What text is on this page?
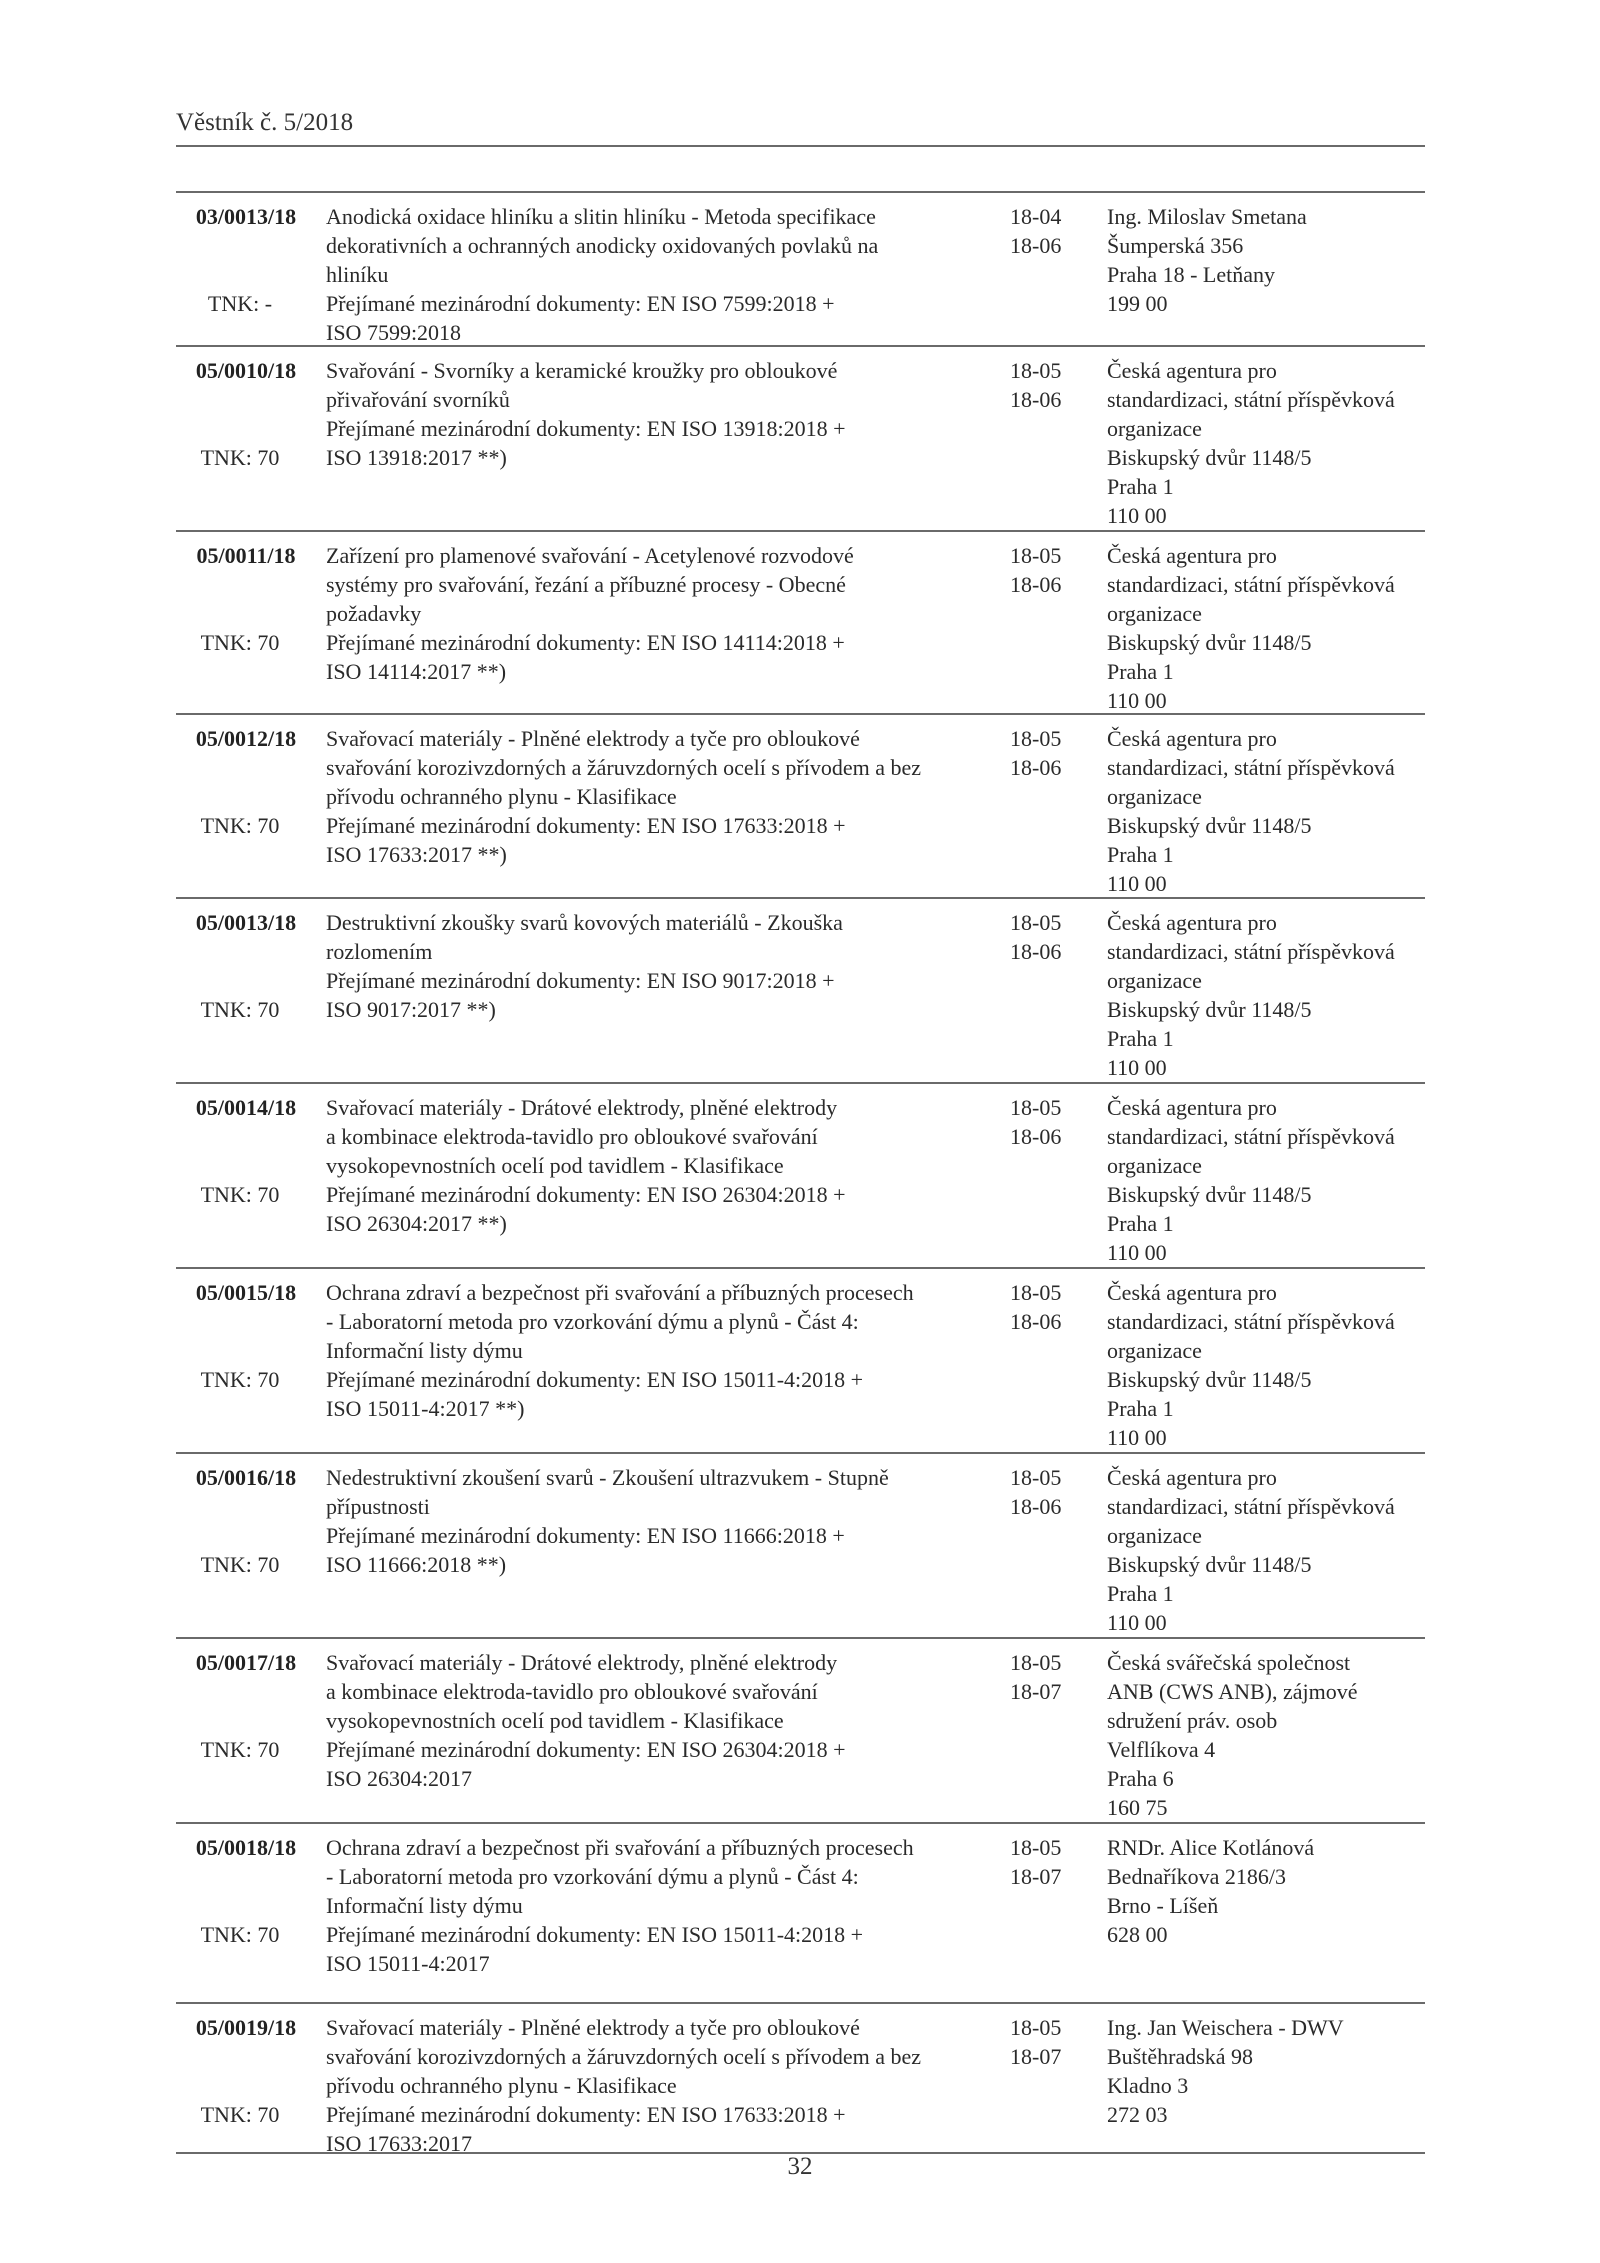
Věstník č. 5/2018
03/0013/18
TNK: -
Anodická oxidace hliníku a slitin hliníku - Metoda specifikace
dekorativních a ochranných anodicky oxidovaných povlaků na
hliníku
Přejímané mezinárodní dokumenty: EN ISO 7599:2018 +
ISO 7599:2018
18-04
18-06
Ing. Miloslav Smetana
Šumperská 356
Praha 18 - Letňany
199 00
05/0010/18
TNK: 70
Svařování - Svorníky a keramické kroužky pro obloukové
přivařování svorníků
Přejímané mezinárodní dokumenty: EN ISO 13918:2018 +
ISO 13918:2017 **)
18-05
18-06
Česká agentura pro
standardizaci, státní příspěvková
organizace
Biskupský dvůr 1148/5
Praha 1
110 00
05/0011/18
TNK: 70
Zařízení pro plamenové svařování - Acetylenové rozvodové
systémy pro svařování, řezání a příbuzné procesy - Obecné
požadavky
Přejímané mezinárodní dokumenty: EN ISO 14114:2018 +
ISO 14114:2017 **)
18-05
18-06
Česká agentura pro
standardizaci, státní příspěvková
organizace
Biskupský dvůr 1148/5
Praha 1
110 00
05/0012/18
TNK: 70
Svařovací materiály - Plněné elektrody a tyče pro obloukové
svařování korozivzdorných a žáruvzdorných ocelí s přívodem a bez
přívodu ochranného plynu - Klasifikace
Přejímané mezinárodní dokumenty: EN ISO 17633:2018 +
ISO 17633:2017 **)
18-05
18-06
Česká agentura pro
standardizaci, státní příspěvková
organizace
Biskupský dvůr 1148/5
Praha 1
110 00
05/0013/18
TNK: 70
Destruktivní zkoušky svarů kovových materiálů - Zkouška
rozlomením
Přejímané mezinárodní dokumenty: EN ISO 9017:2018 +
ISO 9017:2017 **)
18-05
18-06
Česká agentura pro
standardizaci, státní příspěvková
organizace
Biskupský dvůr 1148/5
Praha 1
110 00
05/0014/18
TNK: 70
Svařovací materiály - Drátové elektrody, plněné elektrody
a kombinace elektroda-tavidlo pro obloukové svařování
vysokopevnostních ocelí pod tavidlem - Klasifikace
Přejímané mezinárodní dokumenty: EN ISO 26304:2018 +
ISO 26304:2017 **)
18-05
18-06
Česká agentura pro
standardizaci, státní příspěvková
organizace
Biskupský dvůr 1148/5
Praha 1
110 00
05/0015/18
TNK: 70
Ochrana zdraví a bezpečnost při svařování a příbuzných procesech
- Laboratorní metoda pro vzorkování dýmu a plynů - Část 4:
Informační listy dýmu
Přejímané mezinárodní dokumenty: EN ISO 15011-4:2018 +
ISO 15011-4:2017 **)
18-05
18-06
Česká agentura pro
standardizaci, státní příspěvková
organizace
Biskupský dvůr 1148/5
Praha 1
110 00
05/0016/18
TNK: 70
Nedestruktivní zkoušení svarů - Zkoušení ultrazvukem - Stupně
přípustnosti
Přejímané mezinárodní dokumenty: EN ISO 11666:2018 +
ISO 11666:2018 **)
18-05
18-06
Česká agentura pro
standardizaci, státní příspěvková
organizace
Biskupský dvůr 1148/5
Praha 1
110 00
05/0017/18
TNK: 70
Svařovací materiály - Drátové elektrody, plněné elektrody
a kombinace elektroda-tavidlo pro obloukové svařování
vysokopevnostních ocelí pod tavidlem - Klasifikace
Přejímané mezinárodní dokumenty: EN ISO 26304:2018 +
ISO 26304:2017
18-05
18-07
Česká svářečská společnost
ANB (CWS ANB), zájmové
sdružení práv. osob
Velflíkova 4
Praha 6
160 75
05/0018/18
TNK: 70
Ochrana zdraví a bezpečnost při svařování a příbuzných procesech
- Laboratorní metoda pro vzorkování dýmu a plynů - Část 4:
Informační listy dýmu
Přejímané mezinárodní dokumenty: EN ISO 15011-4:2018 +
ISO 15011-4:2017
18-05
18-07
RNDr. Alice Kotlánová
Bednaříkova 2186/3
Brno - Líšeň
628 00
05/0019/18
TNK: 70
Svařovací materiály - Plněné elektrody a tyče pro obloukové
svařování korozivzdorných a žáruvzdorných ocelí s přívodem a bez
přívodu ochranného plynu - Klasifikace
Přejímané mezinárodní dokumenty: EN ISO 17633:2018 +
ISO 17633:2017
18-05
18-07
Ing. Jan Weischera - DWV
Buštěhradská 98
Kladno 3
272 03
32
